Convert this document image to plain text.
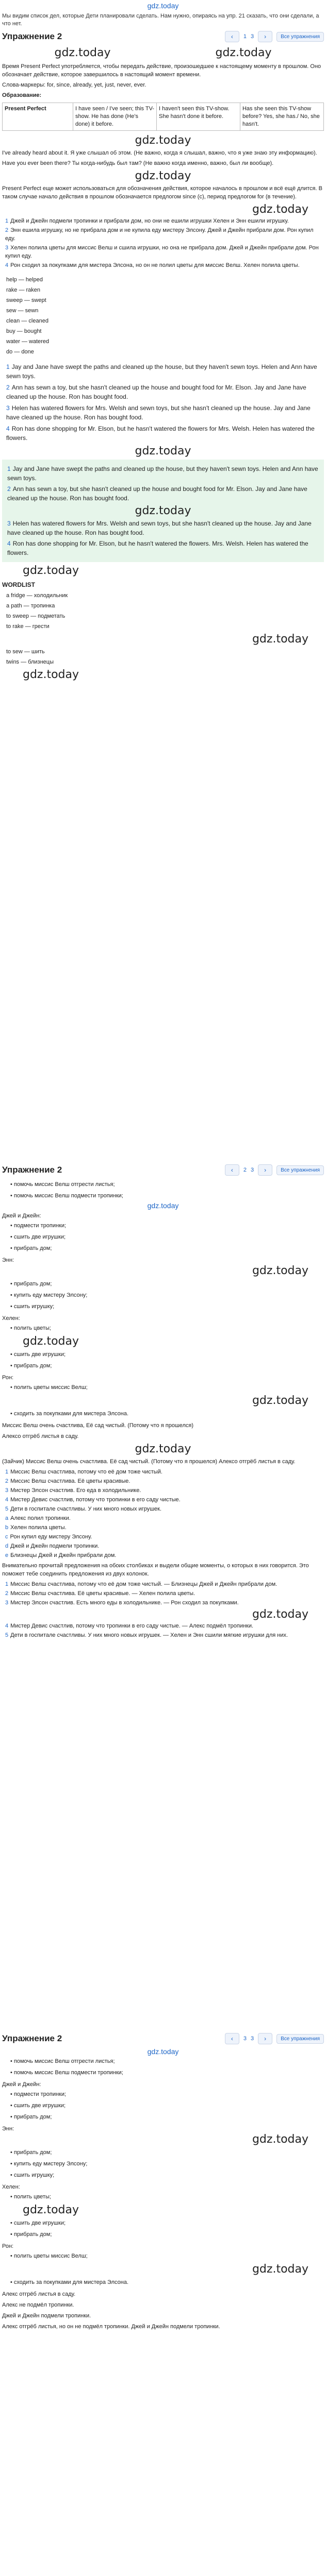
gdz.today
Мы видим список дел, которые Дети планировали сделать. Нам нужно, опираясь на упр. 21 сказать, что они сделали, а что нет.
Упражнение 2	‹	1 3	›	Все упражнения
gdz.today	gdz.today
Время Present Perfect употребляется, чтобы передать действие, произошедшее к настоящему моменту в прошлом. Оно обозначает действие, которое завершилось в настоящий момент времени.
Слова-маркеры: for, since, already, yet, just, never, ever.
Образование:
Present Perfect	I have seen / I've seen; this TV-show. He has done (He's done) it before.	I haven't seen this TV-show. She hasn't done it before.	Has she seen this TV-show before? Yes, she has./ No, she hasn't.
gdz.today
I've already heard about it. Я уже слышал об этом. (Не важно, когда я слышал, важно, что я уже знаю эту информацию).
Have you ever been there? Ты когда-нибудь был там? (Не важно когда именно, важно, был ли вообще).
gdz.today
Present Perfect еще может использоваться для обозначения действия, которое началось в прошлом и всё ещё длится. В таком случае начало действия в прошлом обозначается предлогом since (с), период предлогом for (в течение).
gdz.today
1 Джей и Джейн подмели тропинки и прибрали дом, но они не ешили игрушки Хелен и Энн ешили игрушку.
2 Энн ешила игрушку, но не прибрала дом и не купила еду мистеру Элсону. Джей и Джейн прибрали дом. Рон купил еду.
3 Хелен полила цветы для миссис Велш и сшила игрушки, но она не прибрала дом. Джей и Джейн прибрали дом. Рон купил еду.
4 Рон сходил за покупками для мистера Элсона, но он не полил цветы для миссис Велш. Хелен полила цветы.
help — helped
rake — raken
sweep — swept
sew — sewn
clean — cleaned
buy — bought
water — watered
do — done
1 Jay and Jane have swept the paths and cleaned up the house, but they haven't sewn toys. Helen and Ann have sewn toys.
2 Ann has sewn a toy, but she hasn't cleaned up the house and bought food for Mr. Elson. Jay and Jane have cleaned up the house. Ron has bought food.
3 Helen has watered flowers for Mrs. Welsh and sewn toys, but she hasn't cleaned up the house. Jay and Jane have cleaned up the house. Ron has bought food.
4 Ron has done shopping for Mr. Elson, but he hasn't watered the flowers for Mrs. Welsh. Helen has watered the flowers.
gdz.today
1 Jay and Jane have swept the paths and cleaned up the house, but they haven't sewn toys. Helen and Ann have sewn toys.
2 Ann has sewn a toy, but she hasn't cleaned up the house and bought food for Mr. Elson. Jay and Jane have cleaned up the house. Ron has bought food.
gdz.today
3 Helen has watered flowers for Mrs. Welsh and sewn toys, but she hasn't cleaned up the house. Jay and Jane have cleaned up the house. Ron has bought food.
4 Ron has done shopping for Mr. Elson, but he hasn't watered the flowers. Mrs. Welsh. Helen has watered the flowers.
gdz.today
WORDLIST
a fridge — холодильник
a path — тропинка
to sweep — подметать
to rake — грести
gdz.today
to sew — шить
twins — близнецы
gdz.today
Упражнение 2	‹	2 3	›	Все упражнения
• помочь миссис Велш отгрести листья;
• помочь миссис Велш подмести тропинки;
gdz.today
Джей и Джейн:
• подмести тропинки;
• сшить две игрушки;
• прибрать дом;
Энн:
gdz.today
• прибрать дом;
• купить еду мистеру Элсону;
• сшить игрушку;
Хелен:
• полить цветы;
gdz.today
• сшить две игрушки;
• прибрать дом;
Рон:
• полить цветы миссис Велш;
gdz.today
• сходить за покупками для мистера Элсона.
Миссис Велш очень счастлива, Её сад чистый. (Потому что я прошелся)
Алексо отгрёб листья в саду.
gdz.today
(Зайчик) Миссис Велш очень счастлива. Её сад чистый. (Потому что я прошелся) Алексо отгрёб листья в саду.
1 Миссис Велш счастлива, потому что её дом тоже чистый.
2 Миссис Велш счастлива. Её цветы красивые.
3 Мистер Элсон счастлив. Его еда в холодильнике.
4 Мистер Девис счастлив, потому что тропинки в его саду чистые.
5 Дети в госпитале счастливы. У них много новых игрушек.
a Алекс полил тропинки.
b Хелен полила цветы.
c Рон купил еду мистеру Элсону.
d Джей и Джейн подмели тропинки.
e Близнецы Джей и Джейн прибрали дом.
Внимательно прочитай предложения на обоих столбиках и выдели общие моменты, о которых в них говорится. Это поможет тебе соединить предложения из двух колонок.
1 Миссис Велш счастлива, потому что её дом тоже чистый. — Близнецы Джей и Джейн прибрали дом.
2 Миссис Велш счастлива. Её цветы красивые. — Хелен полила цветы.
3 Мистер Элсон счастлив. Есть много еды в холодильнике. — Рон сходил за покупками.
gdz.today
4 Мистер Девис счастлив, потому что тропинки в его саду чистые. — Алекс подмёл тропинки.
5 Дети в госпитале счастливы. У них много новых игрушек. — Хелен и Энн сшили мягкие игрушки для них.
Упражнение 2	‹	3 3	›	Все упражнения
gdz.today
• помочь миссис Велш отгрести листья;
• помочь миссис Велш подмести тропинки;
Джей и Джейн:
• подмести тропинки;
• сшить две игрушки;
• прибрать дом;
Энн:
gdz.today
• прибрать дом;
• купить еду мистеру Элсону;
• сшить игрушку;
Хелен:
• полить цветы;
gdz.today
• сшить две игрушки;
• прибрать дом;
Рон:
• полить цветы миссис Велш;
gdz.today
• сходить за покупками для мистера Элсона.
Алекс отгрёб листья в саду.
Алекс не подмёл тропинки.
Джей и Джейн подмели тропинки.
Алекс отгрёб листья, но он не подмёл тропинки. Джей и Джейн подмели тропинки.
